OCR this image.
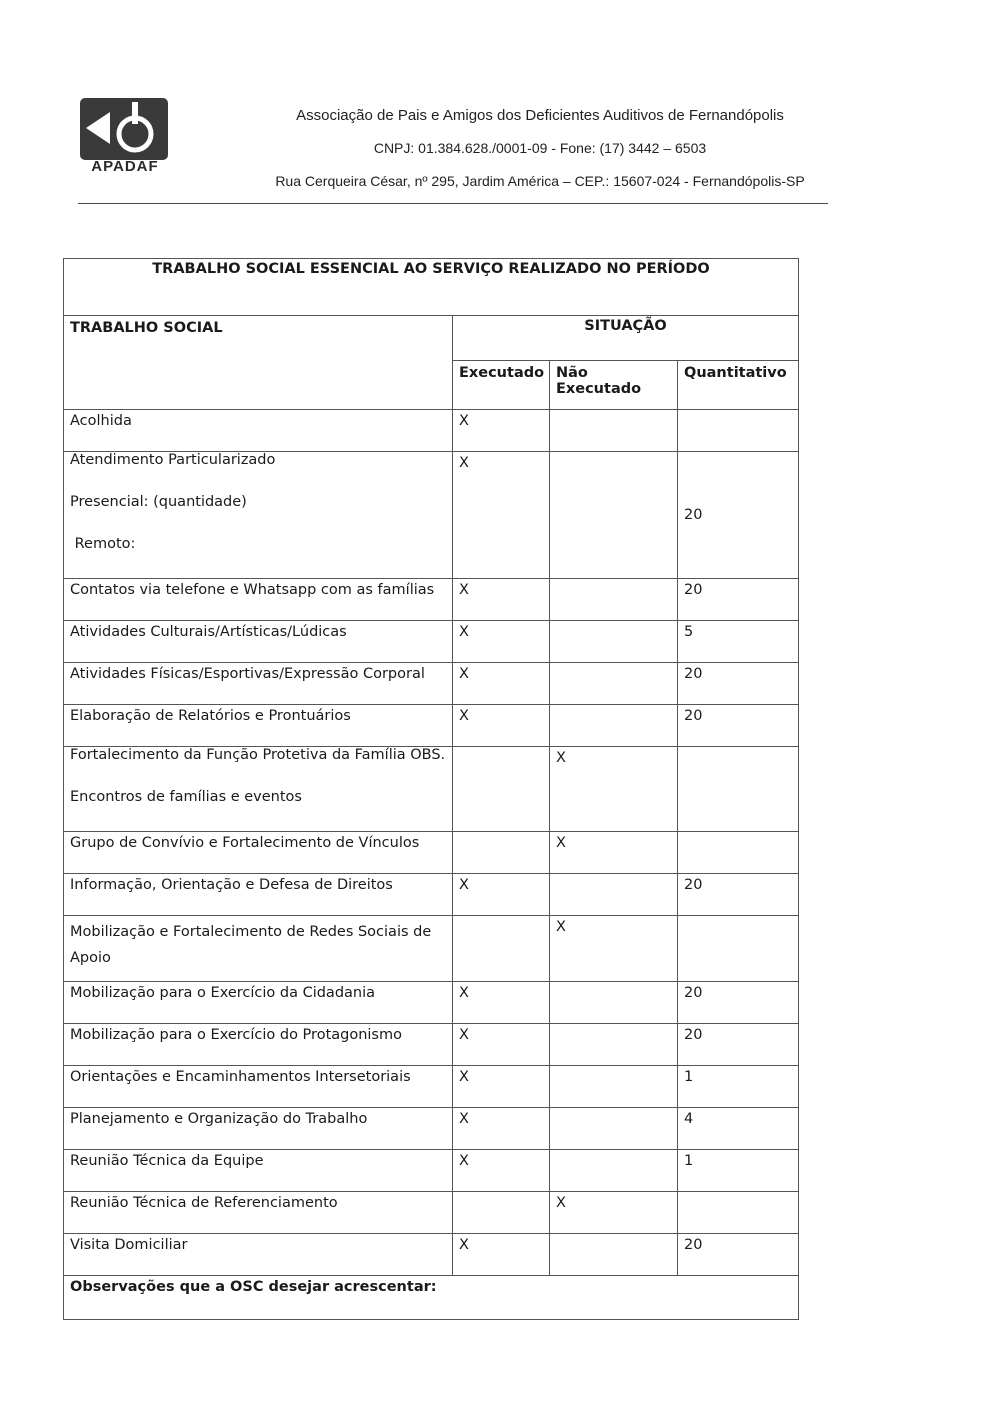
A
APADAF
Associação de Pais e Amigos dos Deficientes Auditivos de Fernandópolis
CNPJ: 01.384.628./0001-09 - Fone: (17) 3442 – 6503
Rua Cerqueira César, nº 295, Jardim América – CEP.: 15607-024 - Fernandópolis-SP
TRABALHO SOCIAL ESSENCIAL AO SERVIÇO REALIZADO NO PERÍODO			
TRABALHO SOCIAL	SITUAÇÃO		
	Executado	Não Executado	Quantitativo
Acolhida	X		

Atendimento Particularizado
Presencial: (quantidade)
Remoto:	X		20
Contatos via telefone e Whatsapp com as famílias	X		20
Atividades Culturais/Artísticas/Lúdicas	X		5
Atividades Físicas/Esportivas/Expressão Corporal	X		20
Elaboração de Relatórios e Prontuários	X		20

Fortalecimento da Função Protetiva da Família OBS.
Encontros de famílias e eventos		X	
Grupo de Convívio e Fortalecimento de Vínculos		X	
Informação, Orientação e Defesa de Direitos	X		20
Mobilização e Fortalecimento de Redes Sociais de Apoio		X	
Mobilização para o Exercício da Cidadania	X		20
Mobilização para o Exercício do Protagonismo	X		20
Orientações e Encaminhamentos Intersetoriais	X		1
Planejamento e Organização do Trabalho	X		4
Reunião Técnica da Equipe	X		1
Reunião Técnica de Referenciamento		X	
Visita Domiciliar	X		20
Observações que a OSC desejar acrescentar:			
